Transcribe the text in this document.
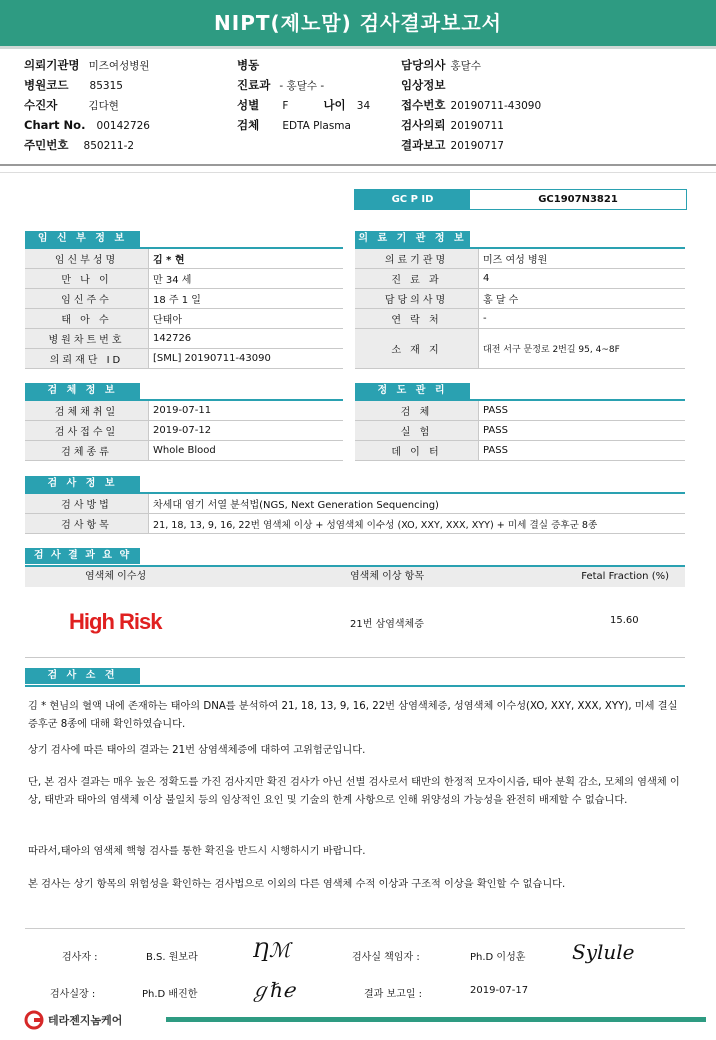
NIPT(제노맘) 검사결과보고서
의뢰기관명 미즈여성병원
병원코드 85315
수진자	김다현
Chart No. 00142726
주민번호 850211-2
병동
진료과 - 홍달수 -
성별 F	나이 34
검체 EDTA Plasma
담당의사 홍달수
임상정보
접수번호 20190711-43090
검사의뢰 20190711
결과보고 20190717
GC P ID	GC1907N3821
임 신 부 정 보
임신부성명	김 * 현
만 나 이	만 34 세
임신주수	18 주 1 일
태 아 수	단태아
병원차트번호	142726
의뢰재단 ID	[SML] 20190711-43090
의 료 기 관 정 보
의료기관명	미즈 여성 병원
진 료 과	4
담당의사명	홍 달 수
연 락 처	-
소 재 지	대전 서구 문정로 2번길 95, 4~8F
검 체 정 보
검체채취일	2019-07-11
검사접수일	2019-07-12
검체종류	Whole Blood
정 도 관 리
검 체	PASS
실 험	PASS
데 이 터	PASS
검 사 정 보
검사방법	차세대 염기 서열 분석법(NGS, Next Generation Sequencing)
검사항목	21, 18, 13, 9, 16, 22번 염색체 이상 + 성염색체 이수성 (XO, XXY, XXX, XYY) + 미세 결실 증후군 8종
검 사 결 과 요 약
염색체 이수성	염색체 이상 항목	Fetal Fraction (%)
High Risk	21번 삼염색체증	15.60
검 사 소 견
김 * 현님의 혈액 내에 존재하는 태아의 DNA를 분석하여 21, 18, 13, 9, 16, 22번 삼염색체증, 성염색체 이수성(XO, XXY, XXX, XYY), 미세 결실 증후군 8종에 대해 확인하였습니다.
상기 검사에 따른 태아의 결과는 21번 삼염색체증에 대하여 고위험군입니다.
단, 본 검사 결과는 매우 높은 정확도를 가진 검사지만 확진 검사가 아닌 선별 검사로서 태반의 한정적 모자이시즘, 태아 분획 감소, 모체의 염색체 이상, 태반과 태아의 염색체 이상 불일치 등의 임상적인 요인 및 기술의 한계 사항으로 인해 위양성의 가능성을 완전히 배제할 수 없습니다.
따라서,태아의 염색체 핵형 검사를 통한 확진을 반드시 시행하시기 바랍니다.
본 검사는 상기 항목의 위험성을 확인하는 검사법으로 이외의 다른 염색체 수적 이상과 구조적 이상을 확인할 수 없습니다.
검사자 :	B.S. 원보라	Ƞℳ	검사실 책임자 :	Ph.D 이성훈 Sylule
검사실장 :	Ph.D 배진한	ℊℏℯ	결과 보고일 :	2019-07-17
테라젠지놈케어
